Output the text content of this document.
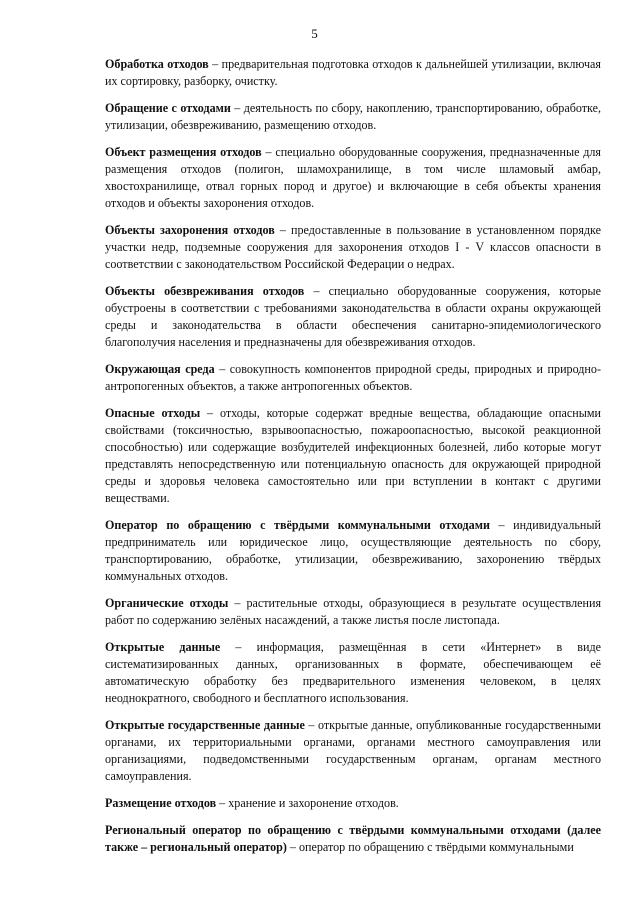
5

Обработка отходов – предварительная подготовка отходов к дальнейшей утилизации, включая их сортировку, разборку, очистку.

Обращение с отходами – деятельность по сбору, накоплению, транспортированию, обработке, утилизации, обезвреживанию, размещению отходов.

Объект размещения отходов – специально оборудованные сооружения, предназначенные для размещения отходов (полигон, шламохранилище, в том числе шламовый амбар, хвостохранилище, отвал горных пород и другое) и включающие в себя объекты хранения отходов и объекты захоронения отходов.

Объекты захоронения отходов – предоставленные в пользование в установленном порядке участки недр, подземные сооружения для захоронения отходов I - V классов опасности в соответствии с законодательством Российской Федерации о недрах.

Объекты обезвреживания отходов – специально оборудованные сооружения, которые обустроены в соответствии с требованиями законодательства в области охраны окружающей среды и законодательства в области обеспечения санитарно-эпидемиологического благополучия населения и предназначены для обезвреживания отходов.

Окружающая среда – совокупность компонентов природной среды, природных и природно-антропогенных объектов, а также антропогенных объектов.

Опасные отходы – отходы, которые содержат вредные вещества, обладающие опасными свойствами (токсичностью, взрывоопасностью, пожароопасностью, высокой реакционной способностью) или содержащие возбудителей инфекционных болезней, либо которые могут представлять непосредственную или потенциальную опасность для окружающей природной среды и здоровья человека самостоятельно или при вступлении в контакт с другими веществами.

Оператор по обращению с твёрдыми коммунальными отходами – индивидуальный предприниматель или юридическое лицо, осуществляющие деятельность по сбору, транспортированию, обработке, утилизации, обезвреживанию, захоронению твёрдых коммунальных отходов.

Органические отходы – растительные отходы, образующиеся в результате осуществления работ по содержанию зелёных насаждений, а также листья после листопада.

Открытые данные – информация, размещённая в сети «Интернет» в виде систематизированных данных, организованных в формате, обеспечивающем её автоматическую обработку без предварительного изменения человеком, в целях неоднократного, свободного и бесплатного использования.

Открытые государственные данные – открытые данные, опубликованные государственными органами, их территориальными органами, органами местного самоуправления или организациями, подведомственными государственным органам, органам местного самоуправления.

Размещение отходов – хранение и захоронение отходов.

Региональный оператор по обращению с твёрдыми коммунальными отходами (далее также – региональный оператор) – оператор по обращению с твёрдыми коммунальными
